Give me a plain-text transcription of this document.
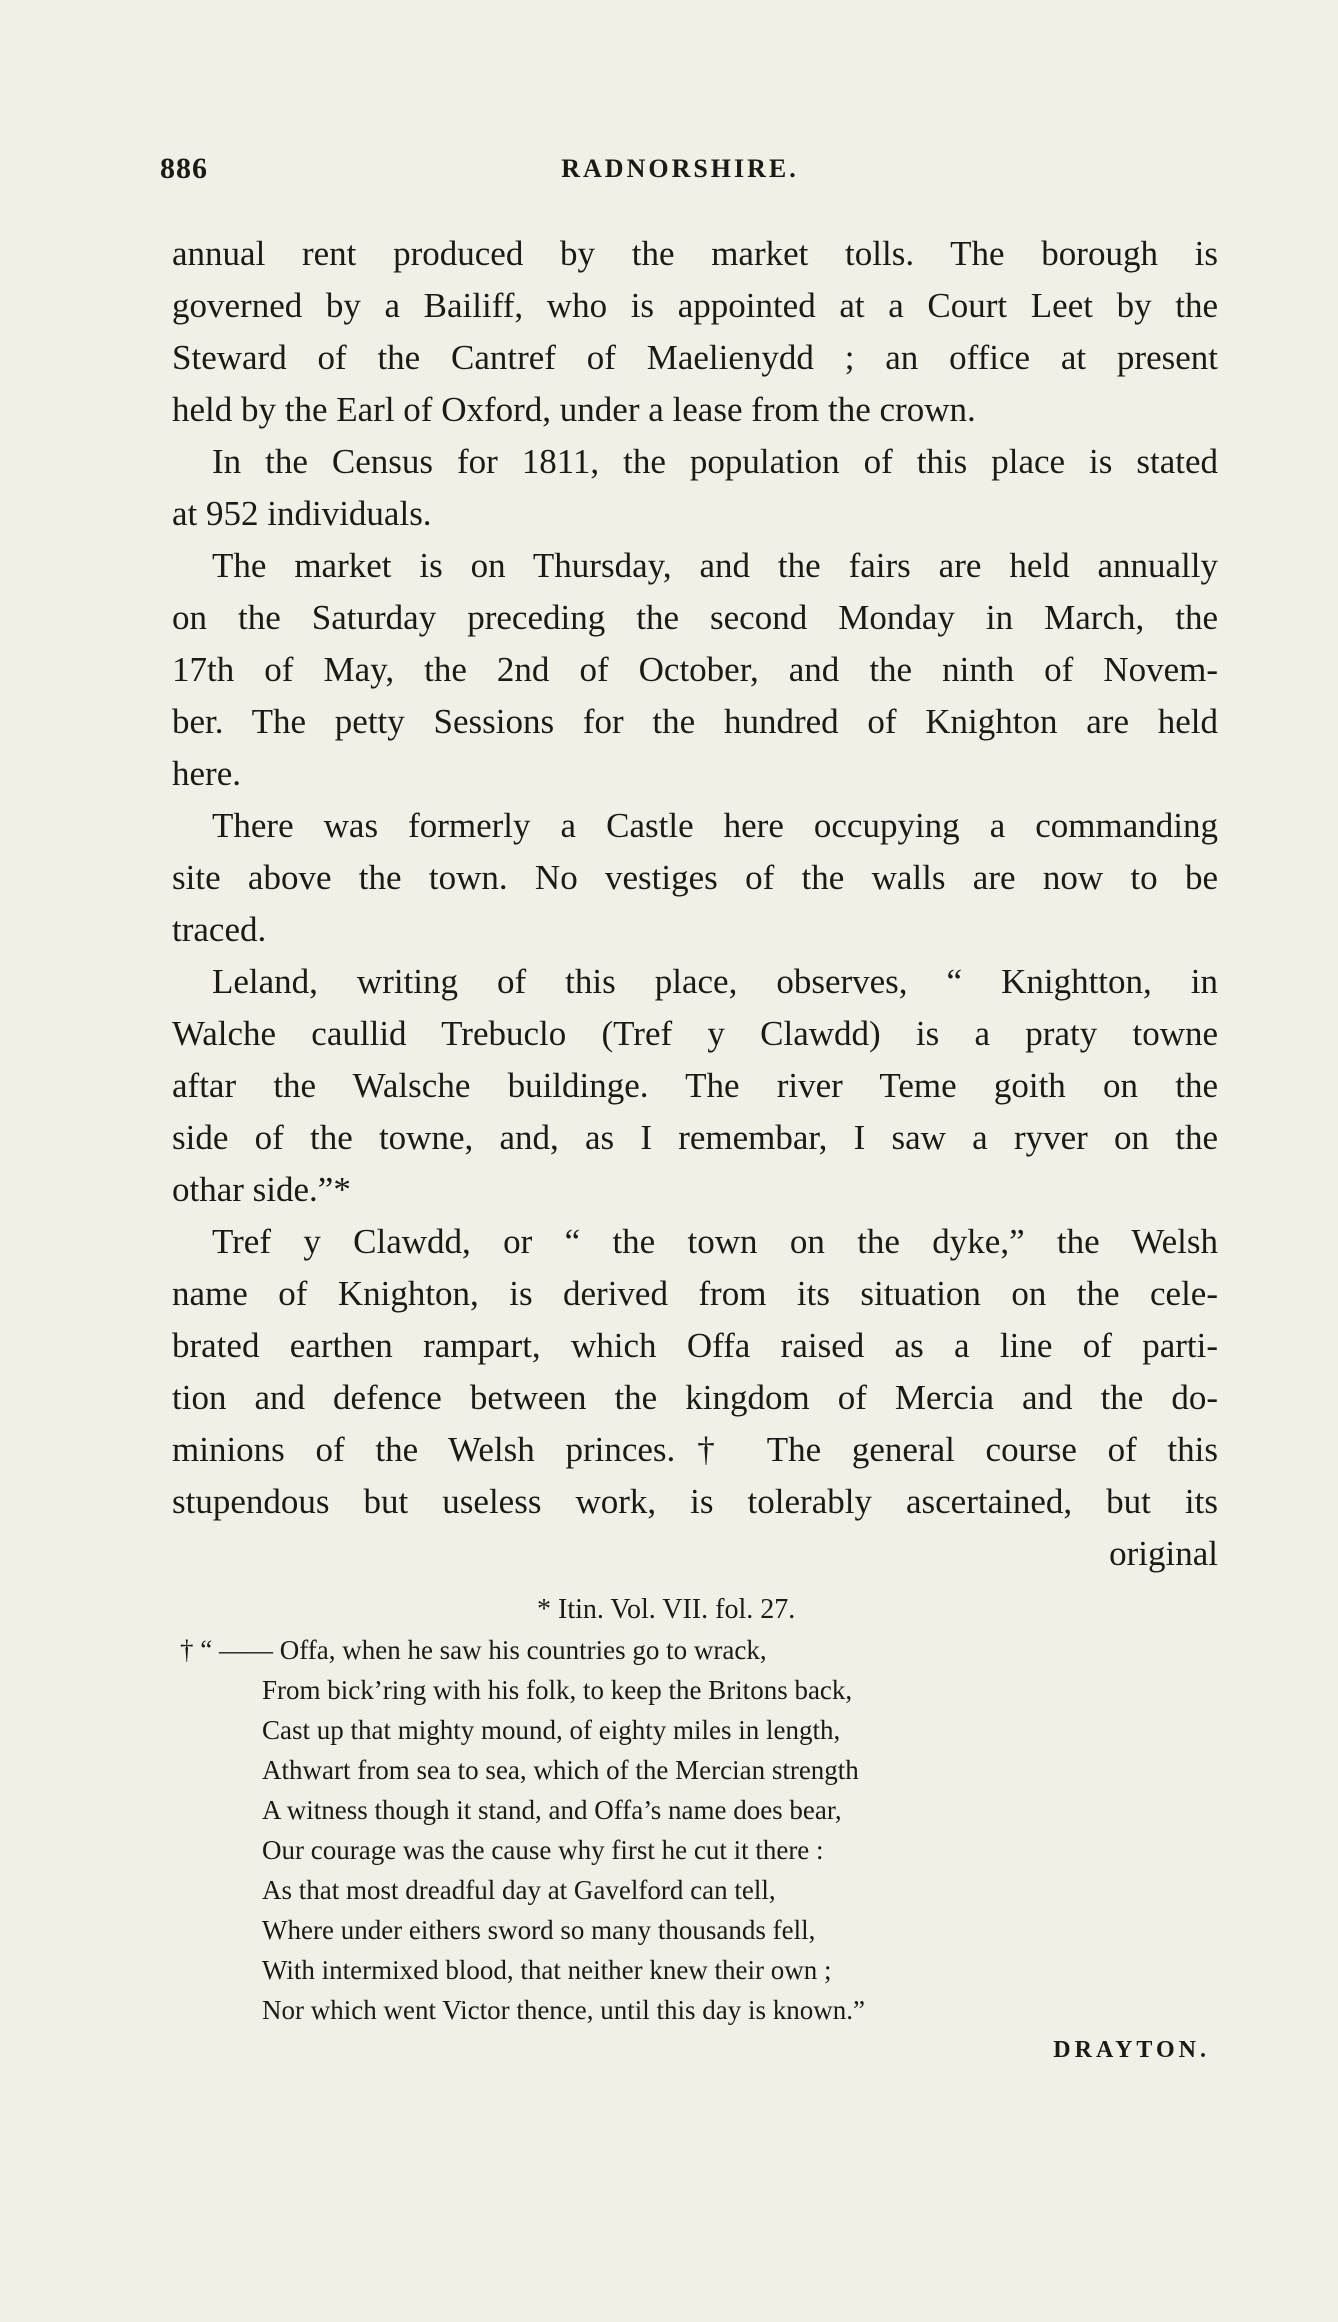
886	RADNORSHIRE.
annual rent produced by the market tolls. The borough is
governed by a Bailiff, who is appointed at a Court Leet by the
Steward of the Cantref of Maelienydd ; an office at present
held by the Earl of Oxford, under a lease from the crown.
In the Census for 1811, the population of this place is stated
at 952 individuals.
The market is on Thursday, and the fairs are held annually
on the Saturday preceding the second Monday in March, the
17th of May, the 2nd of October, and the ninth of Novem-
ber. The petty Sessions for the hundred of Knighton are held
here.
There was formerly a Castle here occupying a commanding
site above the town. No vestiges of the walls are now to be
traced.
Leland, writing of this place, observes, “ Knightton, in
Walche caullid Trebuclo (Tref y Clawdd) is a praty towne
aftar the Walsche buildinge. The river Teme goith on the
side of the towne, and, as I remembar, I saw a ryver on the
othar side.”*
Tref y Clawdd, or “ the town on the dyke,” the Welsh
name of Knighton, is derived from its situation on the cele-
brated earthen rampart, which Offa raised as a line of parti-
tion and defence between the kingdom of Mercia and the do-
minions of the Welsh princes.† The general course of this
stupendous but useless work, is tolerably ascertained, but its
original
* Itin. Vol. VII. fol. 27.
† “ —— Offa, when he saw his countries go to wrack,
From bick’ring with his folk, to keep the Britons back,
Cast up that mighty mound, of eighty miles in length,
Athwart from sea to sea, which of the Mercian strength
A witness though it stand, and Offa’s name does bear,
Our courage was the cause why first he cut it there :
As that most dreadful day at Gavelford can tell,
Where under eithers sword so many thousands fell,
With intermixed blood, that neither knew their own ;
Nor which went Victor thence, until this day is known.”
DRAYTON.
